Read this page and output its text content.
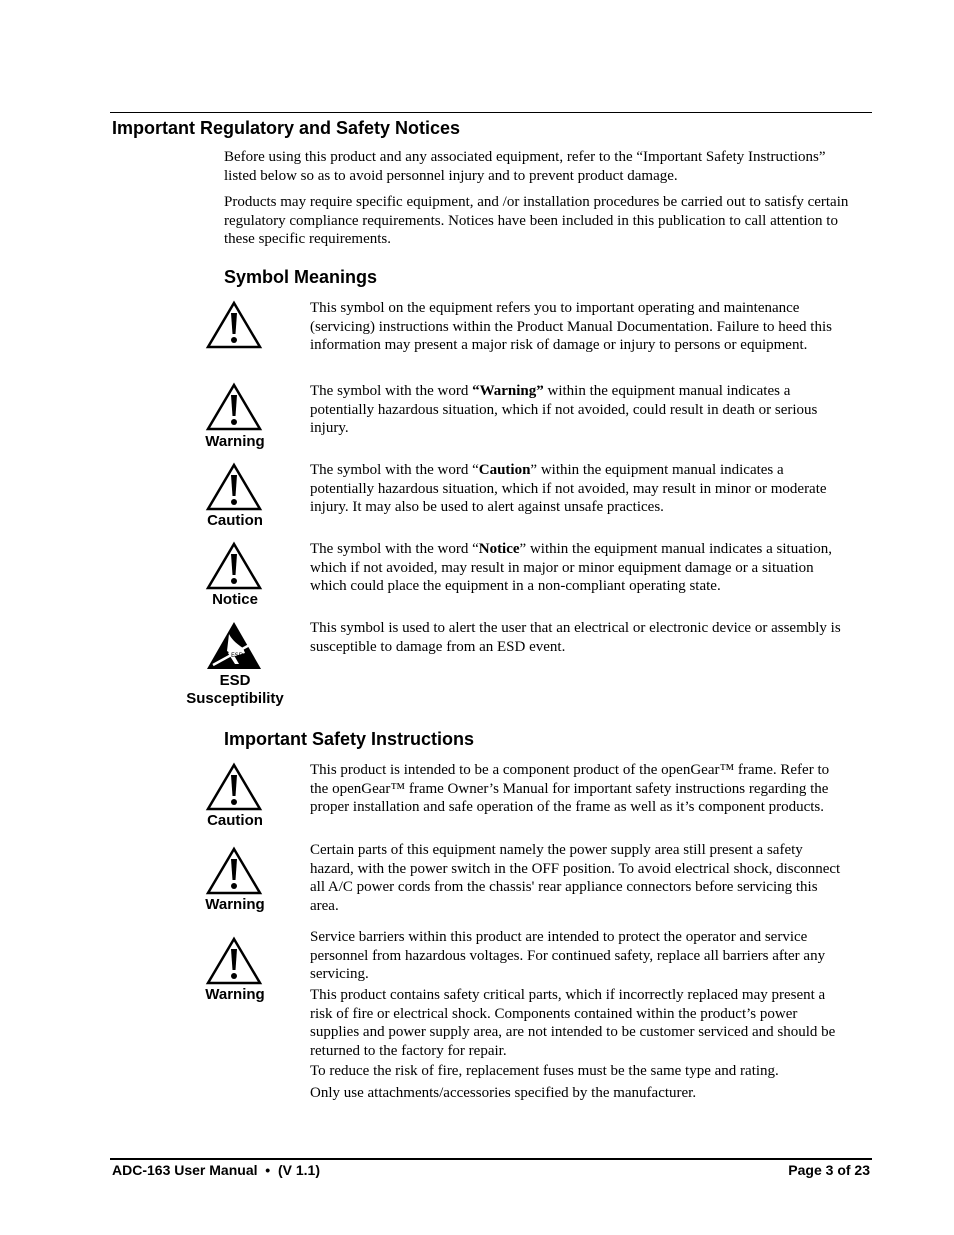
Important Regulatory and Safety Notices

Before using this product and any associated equipment, refer to the “Important Safety Instructions” listed below so as to avoid personnel injury and to prevent product damage.

Products may require specific equipment, and /or installation procedures be carried out to satisfy certain regulatory compliance requirements. Notices have been included in this publication to call attention to these specific requirements.

Symbol Meanings

This symbol on the equipment refers you to important operating and maintenance (servicing) instructions within the Product Manual Documentation. Failure to heed this information may present a major risk of damage or injury to persons or equipment.

Warning

The symbol with the word “Warning” within the equipment manual indicates a potentially hazardous situation, which if not avoided, could result in death or serious injury.

Caution

The symbol with the word “Caution” within the equipment manual indicates a potentially hazardous situation, which if not avoided, may result in minor or moderate injury. It may also be used to alert against unsafe practices.

Notice

The symbol with the word “Notice” within the equipment manual indicates a situation, which if not avoided, may result in major or minor equipment damage or a situation which could place the equipment in a non-compliant operating state.

ESD
ESD
Susceptibility

This symbol is used to alert the user that an electrical or electronic device or assembly is susceptible to damage from an ESD event.

Important Safety Instructions
Caution

This product is intended to be a component product of the openGear™ frame. Refer to the openGear™ frame Owner’s Manual for important safety instructions regarding the proper installation and safe operation of the frame as well as it’s component products.

Warning

Certain parts of this equipment namely the power supply area still present a safety hazard, with the power switch in the OFF position. To avoid electrical shock, disconnect all A/C power cords from the chassis' rear appliance connectors before servicing this area.

Warning

Service barriers within this product are intended to protect the operator and service personnel from hazardous voltages. For continued safety, replace all barriers after any servicing.

This product contains safety critical parts, which if incorrectly replaced may present a risk of fire or electrical shock. Components contained within the product’s power supplies and power supply area, are not intended to be customer serviced and should be returned to the factory for repair.

To reduce the risk of fire, replacement fuses must be the same type and rating.

Only use attachments/accessories specified by the manufacturer.

ADC-163 User Manual • (V 1.1)	Page 3 of 23
